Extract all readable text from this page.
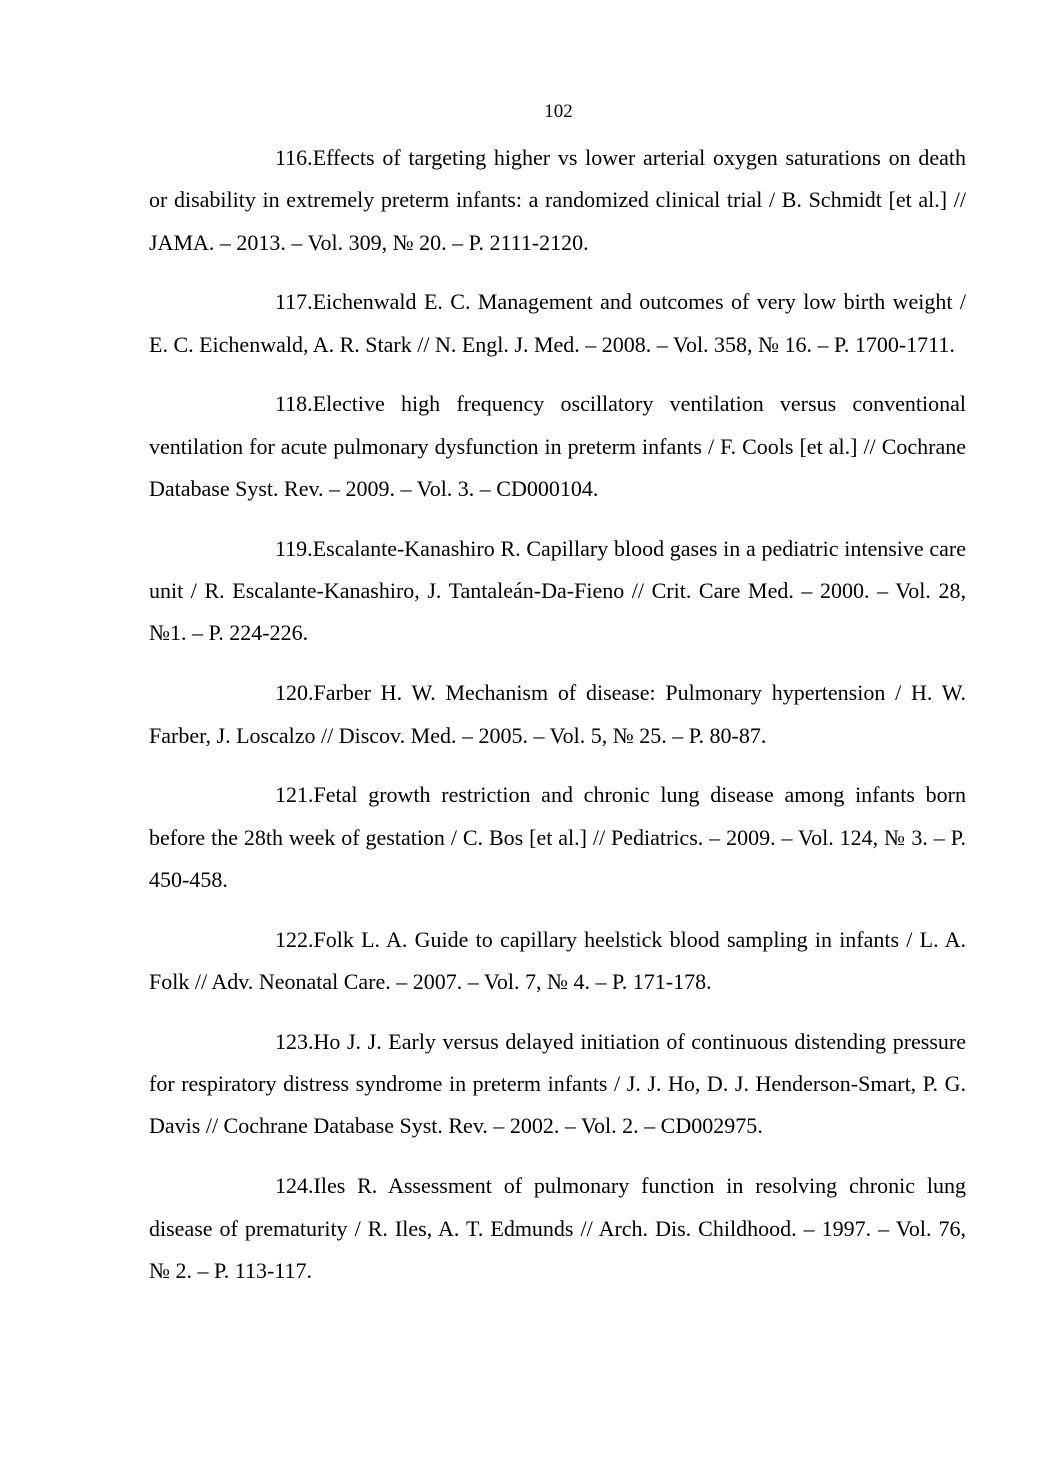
102

116.Effects of targeting higher vs lower arterial oxygen saturations on death or disability in extremely preterm infants: a randomized clinical trial / B. Schmidt [et al.] // JAMA. – 2013. – Vol. 309, № 20. – P. 2111-2120.

117.Eichenwald E. C. Management and outcomes of very low birth weight / E. C. Eichenwald, A. R. Stark // N. Engl. J. Med. – 2008. – Vol. 358, № 16. – P. 1700-1711.

118.Elective high frequency oscillatory ventilation versus conventional ventilation for acute pulmonary dysfunction in preterm infants / F. Cools [et al.] // Cochrane Database Syst. Rev. – 2009. – Vol. 3. – CD000104.

119.Escalante-Kanashiro R. Capillary blood gases in a pediatric intensive care unit / R. Escalante-Kanashiro, J. Tantaleán-Da-Fieno // Crit. Care Med. – 2000. – Vol. 28, №1. – P. 224-226.

120.Farber H. W. Mechanism of disease: Pulmonary hypertension / H. W. Farber, J. Loscalzo // Discov. Med. – 2005. – Vol. 5, № 25. – P. 80-87.

121.Fetal growth restriction and chronic lung disease among infants born before the 28th week of gestation / C. Bos [et al.] // Pediatrics. – 2009. – Vol. 124, № 3. – P. 450-458.

122.Folk L. A. Guide to capillary heelstick blood sampling in infants / L. A. Folk // Adv. Neonatal Care. – 2007. – Vol. 7, № 4. – P. 171-178.

123.Ho J. J. Early versus delayed initiation of continuous distending pressure for respiratory distress syndrome in preterm infants / J. J. Ho, D. J. Henderson-Smart, P. G. Davis // Cochrane Database Syst. Rev. – 2002. – Vol. 2. – CD002975.

124.Iles R. Assessment of pulmonary function in resolving chronic lung disease of prematurity / R. Iles, A. T. Edmunds // Arch. Dis. Childhood. – 1997. – Vol. 76, № 2. – P. 113-117.
